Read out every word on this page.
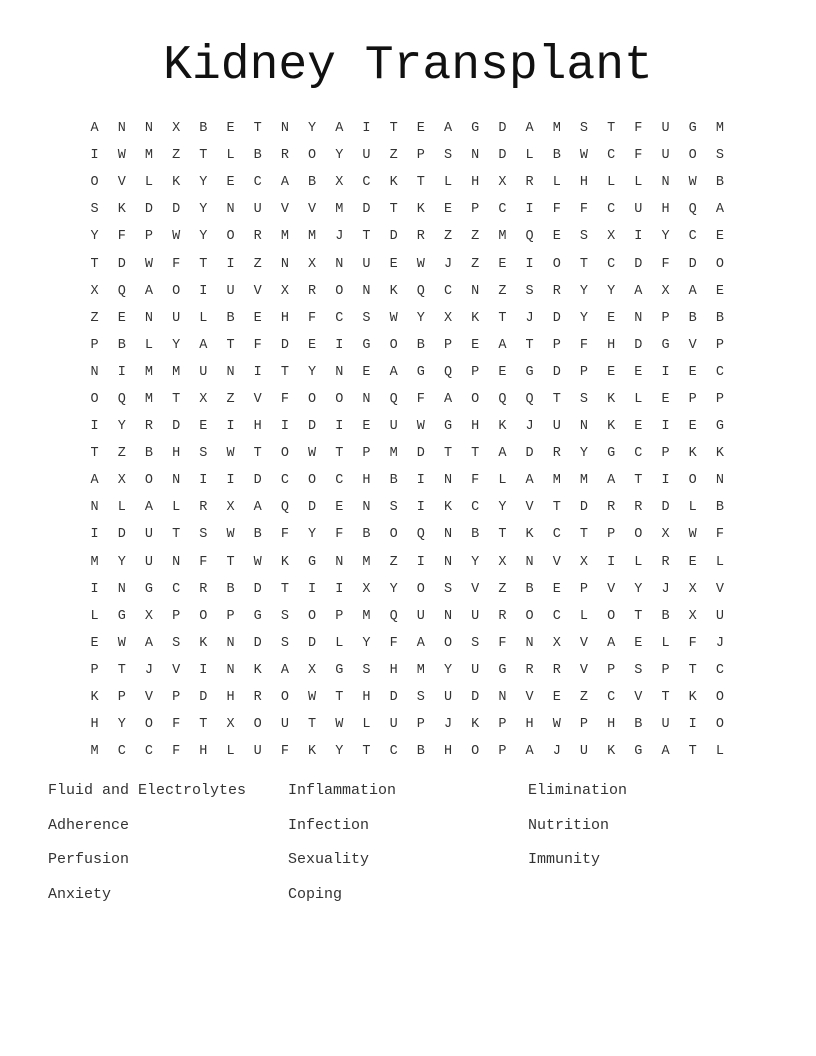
Kidney Transplant
A	N	N	X	B	E	T	N	Y	A	I	T	E	A	G	D	A	M	S	T	F	U	G	M
I	W	M	Z	T	L	B	R	O	Y	U	Z	P	S	N	D	L	B	W	C	F	U	O	S
O	V	L	K	Y	E	C	A	B	X	C	K	T	L	H	X	R	L	H	L	L	N	W	B
S	K	D	D	Y	N	U	V	V	M	D	T	K	E	P	C	I	F	F	C	U	H	Q	A
Y	F	P	W	Y	O	R	M	M	J	T	D	R	Z	Z	M	Q	E	S	X	I	Y	C	E
T	D	W	F	T	I	Z	N	X	N	U	E	W	J	Z	E	I	O	T	C	D	F	D	O
X	Q	A	O	I	U	V	X	R	O	N	K	Q	C	N	Z	S	R	Y	Y	A	X	A	E
Z	E	N	U	L	B	E	H	F	C	S	W	Y	X	K	T	J	D	Y	E	N	P	B	B
P	B	L	Y	A	T	F	D	E	I	G	O	B	P	E	A	T	P	F	H	D	G	V	P
N	I	M	M	U	N	I	T	Y	N	E	A	G	Q	P	E	G	D	P	E	E	I	E	C
O	Q	M	T	X	Z	V	F	O	O	N	Q	F	A	O	Q	Q	T	S	K	L	E	P	P
I	Y	R	D	E	I	H	I	D	I	E	U	W	G	H	K	J	U	N	K	E	I	E	G
T	Z	B	H	S	W	T	O	W	T	P	M	D	T	T	A	D	R	Y	G	C	P	K	K
A	X	O	N	I	I	D	C	O	C	H	B	I	N	F	L	A	M	M	A	T	I	O	N
N	L	A	L	R	X	A	Q	D	E	N	S	I	K	C	Y	V	T	D	R	R	D	L	B
I	D	U	T	S	W	B	F	Y	F	B	O	Q	N	B	T	K	C	T	P	O	X	W	F
M	Y	U	N	F	T	W	K	G	N	M	Z	I	N	Y	X	N	V	X	I	L	R	E	L
I	N	G	C	R	B	D	T	I	I	X	Y	O	S	V	Z	B	E	P	V	Y	J	X	V
L	G	X	P	O	P	G	S	O	P	M	Q	U	N	U	R	O	C	L	O	T	B	X	U
E	W	A	S	K	N	D	S	D	L	Y	F	A	O	S	F	N	X	V	A	E	L	F	J
P	T	J	V	I	N	K	A	X	G	S	H	M	Y	U	G	R	R	V	P	S	P	T	C
K	P	V	P	D	H	R	O	W	T	H	D	S	U	D	N	V	E	Z	C	V	T	K	O
H	Y	O	F	T	X	O	U	T	W	L	U	P	J	K	P	H	W	P	H	B	U	I	O
M	C	C	F	H	L	U	F	K	Y	T	C	B	H	O	P	A	J	U	K	G	A	T	L
Fluid and Electrolytes	Inflammation	Elimination
Adherence	Infection	Nutrition
Perfusion	Sexuality	Immunity
Anxiety	Coping
